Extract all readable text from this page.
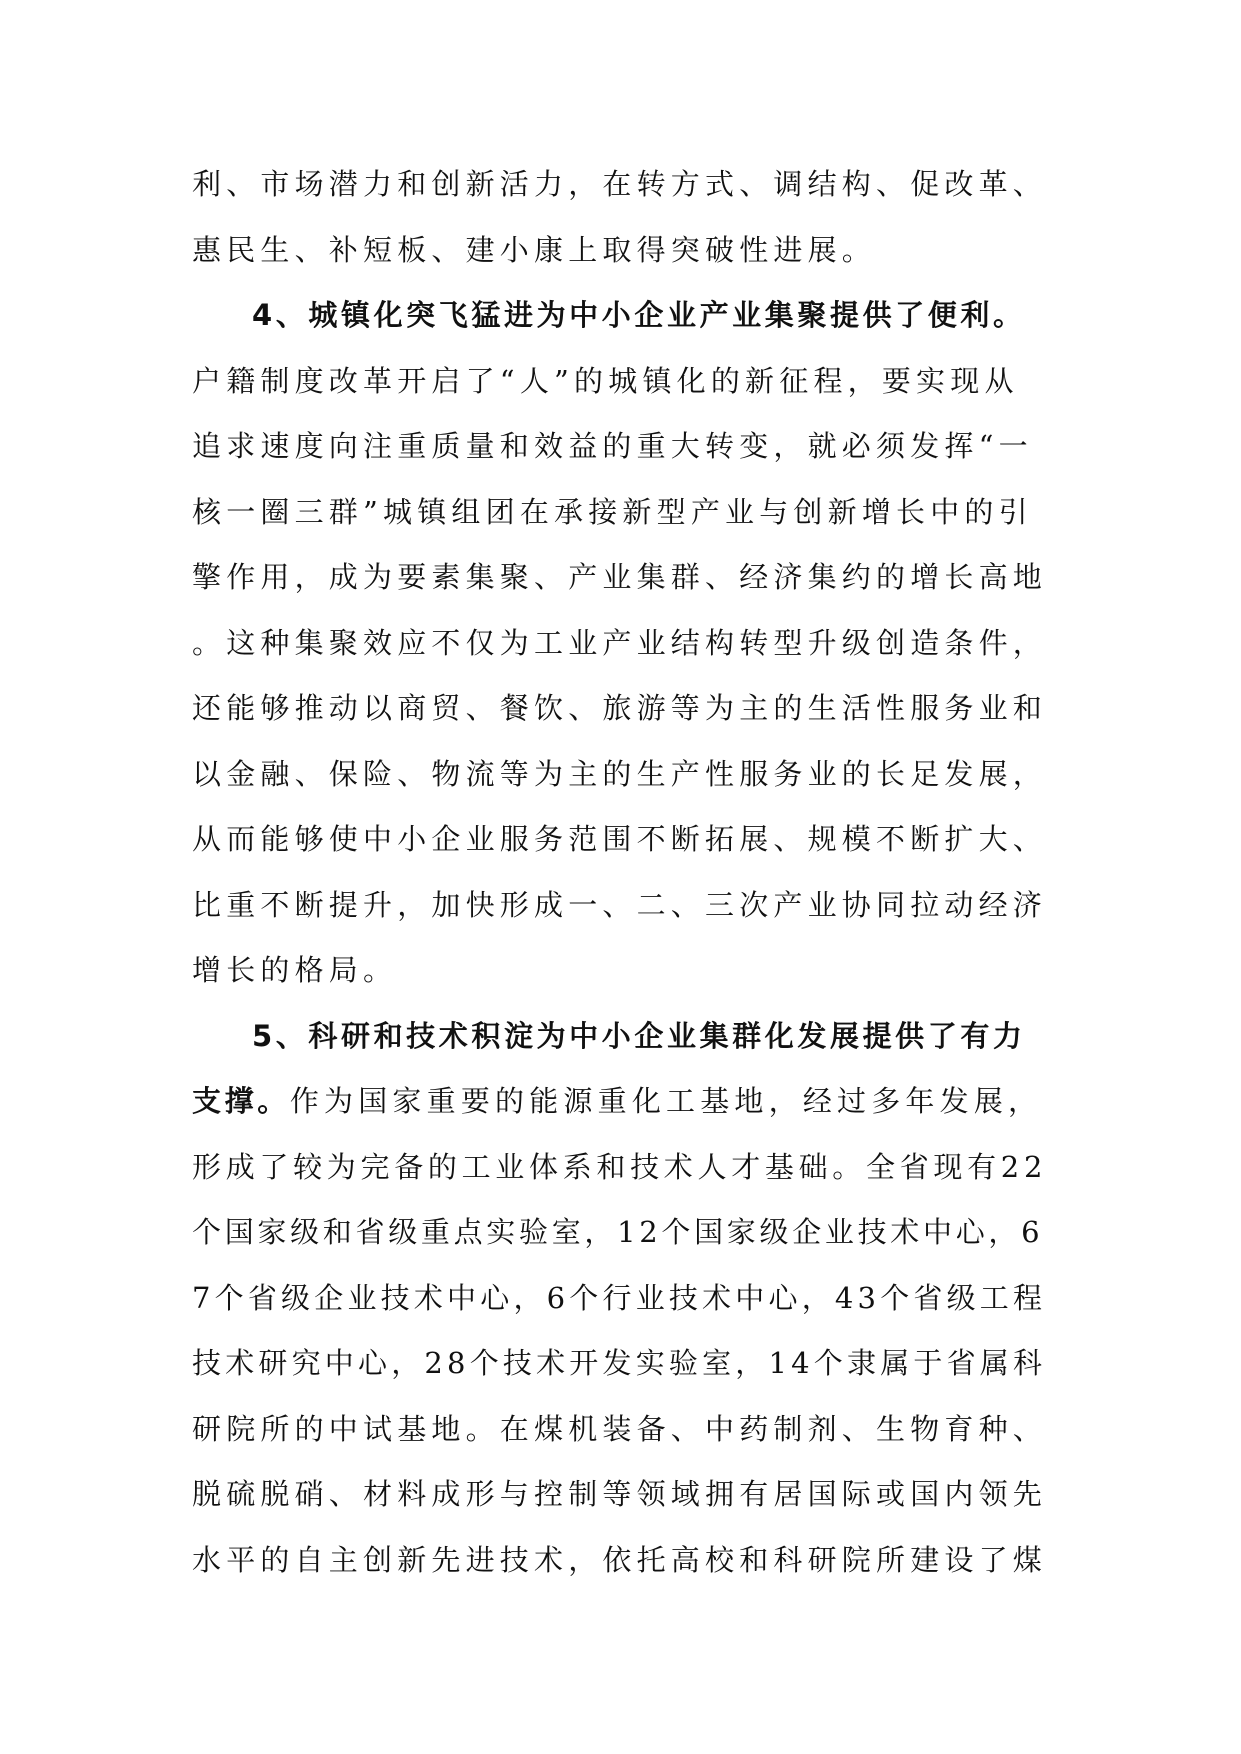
利、市场潜力和创新活力，在转方式、调结构、促改革、
惠民生、补短板、建小康上取得突破性进展。
4、城镇化突飞猛进为中小企业产业集聚提供了便利。
户籍制度改革开启了“人”的城镇化的新征程，要实现从
追求速度向注重质量和效益的重大转变，就必须发挥“一
核一圈三群”城镇组团在承接新型产业与创新增长中的引
擎作用，成为要素集聚、产业集群、经济集约的增长高地
。这种集聚效应不仅为工业产业结构转型升级创造条件，
还能够推动以商贸、餐饮、旅游等为主的生活性服务业和
以金融、保险、物流等为主的生产性服务业的长足发展，
从而能够使中小企业服务范围不断拓展、规模不断扩大、
比重不断提升，加快形成一、二、三次产业协同拉动经济
增长的格局。
5、科研和技术积淀为中小企业集群化发展提供了有力
支撑。作为国家重要的能源重化工基地，经过多年发展，
形成了较为完备的工业体系和技术人才基础。全省现有22
个国家级和省级重点实验室，12个国家级企业技术中心，6
7个省级企业技术中心，6个行业技术中心，43个省级工程
技术研究中心，28个技术开发实验室，14个隶属于省属科
研院所的中试基地。在煤机装备、中药制剂、生物育种、
脱硫脱硝、材料成形与控制等领域拥有居国际或国内领先
水平的自主创新先进技术，依托高校和科研院所建设了煤
